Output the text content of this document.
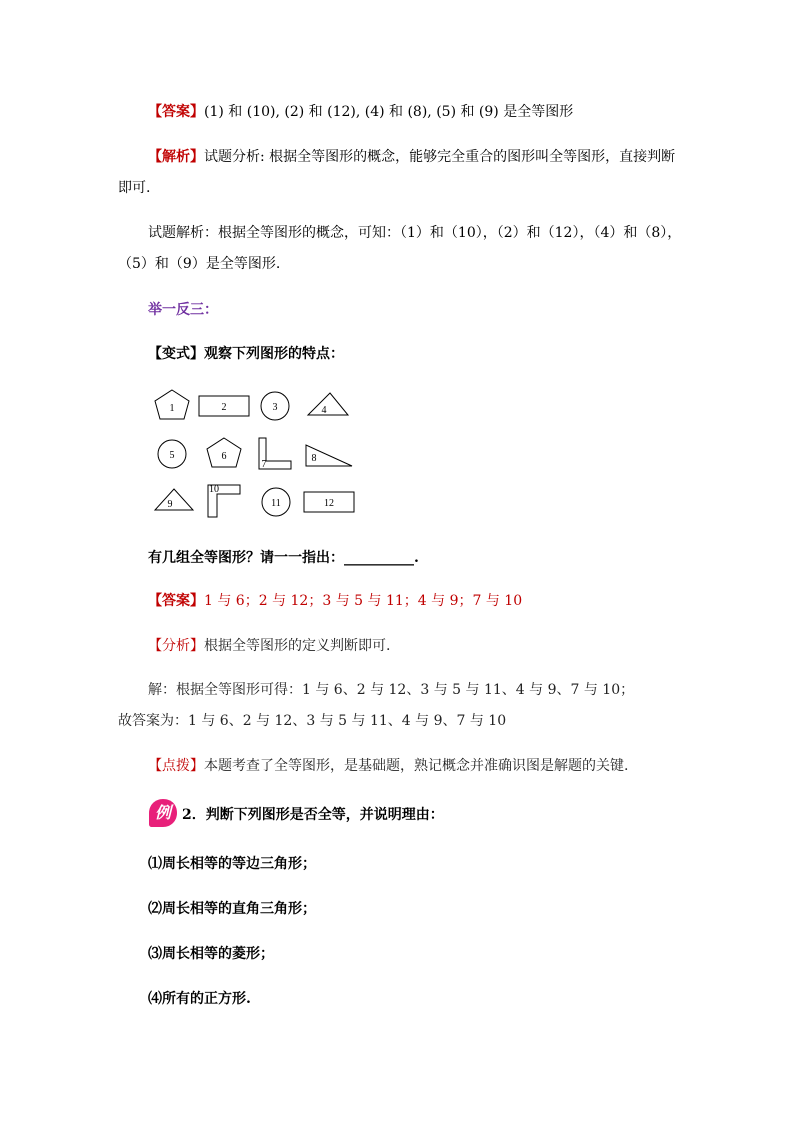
【答案】(1) 和 (10), (2) 和 (12), (4) 和 (8), (5) 和 (9) 是全等图形
【解析】试题分析: 根据全等图形的概念，能够完全重合的图形叫全等图形，直接判断
即可.
试题解析：根据全等图形的概念，可知：（1）和（10），（2）和（12），（4）和（8），
（5）和（9）是全等图形.
举一反三：
【变式】观察下列图形的特点：
1	2	3	4
5	6
7
8
9
10
11	12
有几组全等图形？请一一指出：__________.
【答案】1 与 6；2 与 12；3 与 5 与 11；4 与 9；7 与 10
【分析】根据全等图形的定义判断即可.
解：根据全等图形可得：1 与 6、2 与 12、3 与 5 与 11、4 与 9、7 与 10；
故答案为：1 与 6、2 与 12、3 与 5 与 11、4 与 9、7 与 10
【点拨】本题考查了全等图形，是基础题，熟记概念并准确识图是解题的关键.
例 2．判断下列图形是否全等，并说明理由：
⑴周长相等的等边三角形；
⑵周长相等的直角三角形；
⑶周长相等的菱形；
⑷所有的正方形.
